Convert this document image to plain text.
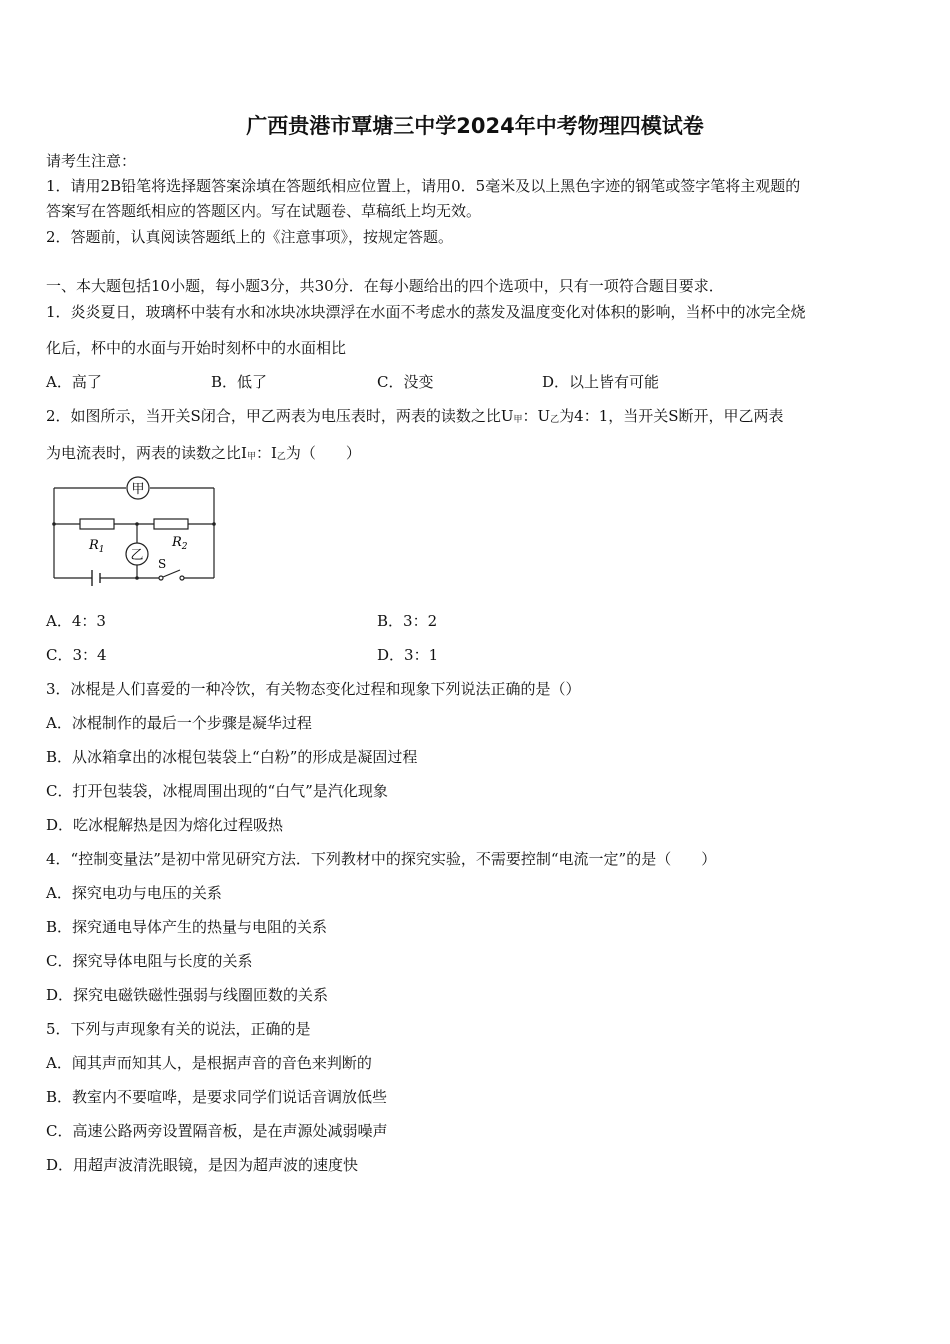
广西贵港市覃塘三中学2024年中考物理四模试卷
请考生注意：
1．请用2B铅笔将选择题答案涂填在答题纸相应位置上，请用0．5毫米及以上黑色字迹的钢笔或签字笔将主观题的
答案写在答题纸相应的答题区内。写在试题卷、草稿纸上均无效。
2．答题前，认真阅读答题纸上的《注意事项》，按规定答题。
一、本大题包括10小题，每小题3分，共30分．在每小题给出的四个选项中，只有一项符合题目要求．
1．炎炎夏日，玻璃杯中装有水和冰块冰块漂浮在水面不考虑水的蒸发及温度变化对体积的影响，当杯中的冰完全烧
化后，杯中的水面与开始时刻杯中的水面相比
A．高了	B．低了	C．没变	D．以上皆有可能
2．如图所示，当开关S闭合，甲乙两表为电压表时，两表的读数之比U甲：U乙为4：1，当开关S断开，甲乙两表
为电流表时，两表的读数之比I甲：I乙为（　　）
甲
$R_1$	$R_2$
乙
S
A．4：3	B．3：2
C．3：4	D．3：1
3．冰棍是人们喜爱的一种冷饮，有关物态变化过程和现象下列说法正确的是（）
A．冰棍制作的最后一个步骤是凝华过程
B．从冰箱拿出的冰棍包装袋上“白粉”的形成是凝固过程
C．打开包装袋，冰棍周围出现的“白气”是汽化现象
D．吃冰棍解热是因为熔化过程吸热
4．“控制变量法”是初中常见研究方法．下列教材中的探究实验，不需要控制“电流一定”的是（　　）
A．探究电功与电压的关系
B．探究通电导体产生的热量与电阻的关系
C．探究导体电阻与长度的关系
D．探究电磁铁磁性强弱与线圈匝数的关系
5．下列与声现象有关的说法，正确的是
A．闻其声而知其人，是根据声音的音色来判断的
B．教室内不要喧哗，是要求同学们说话音调放低些
C．高速公路两旁设置隔音板，是在声源处减弱噪声
D．用超声波清洗眼镜，是因为超声波的速度快
